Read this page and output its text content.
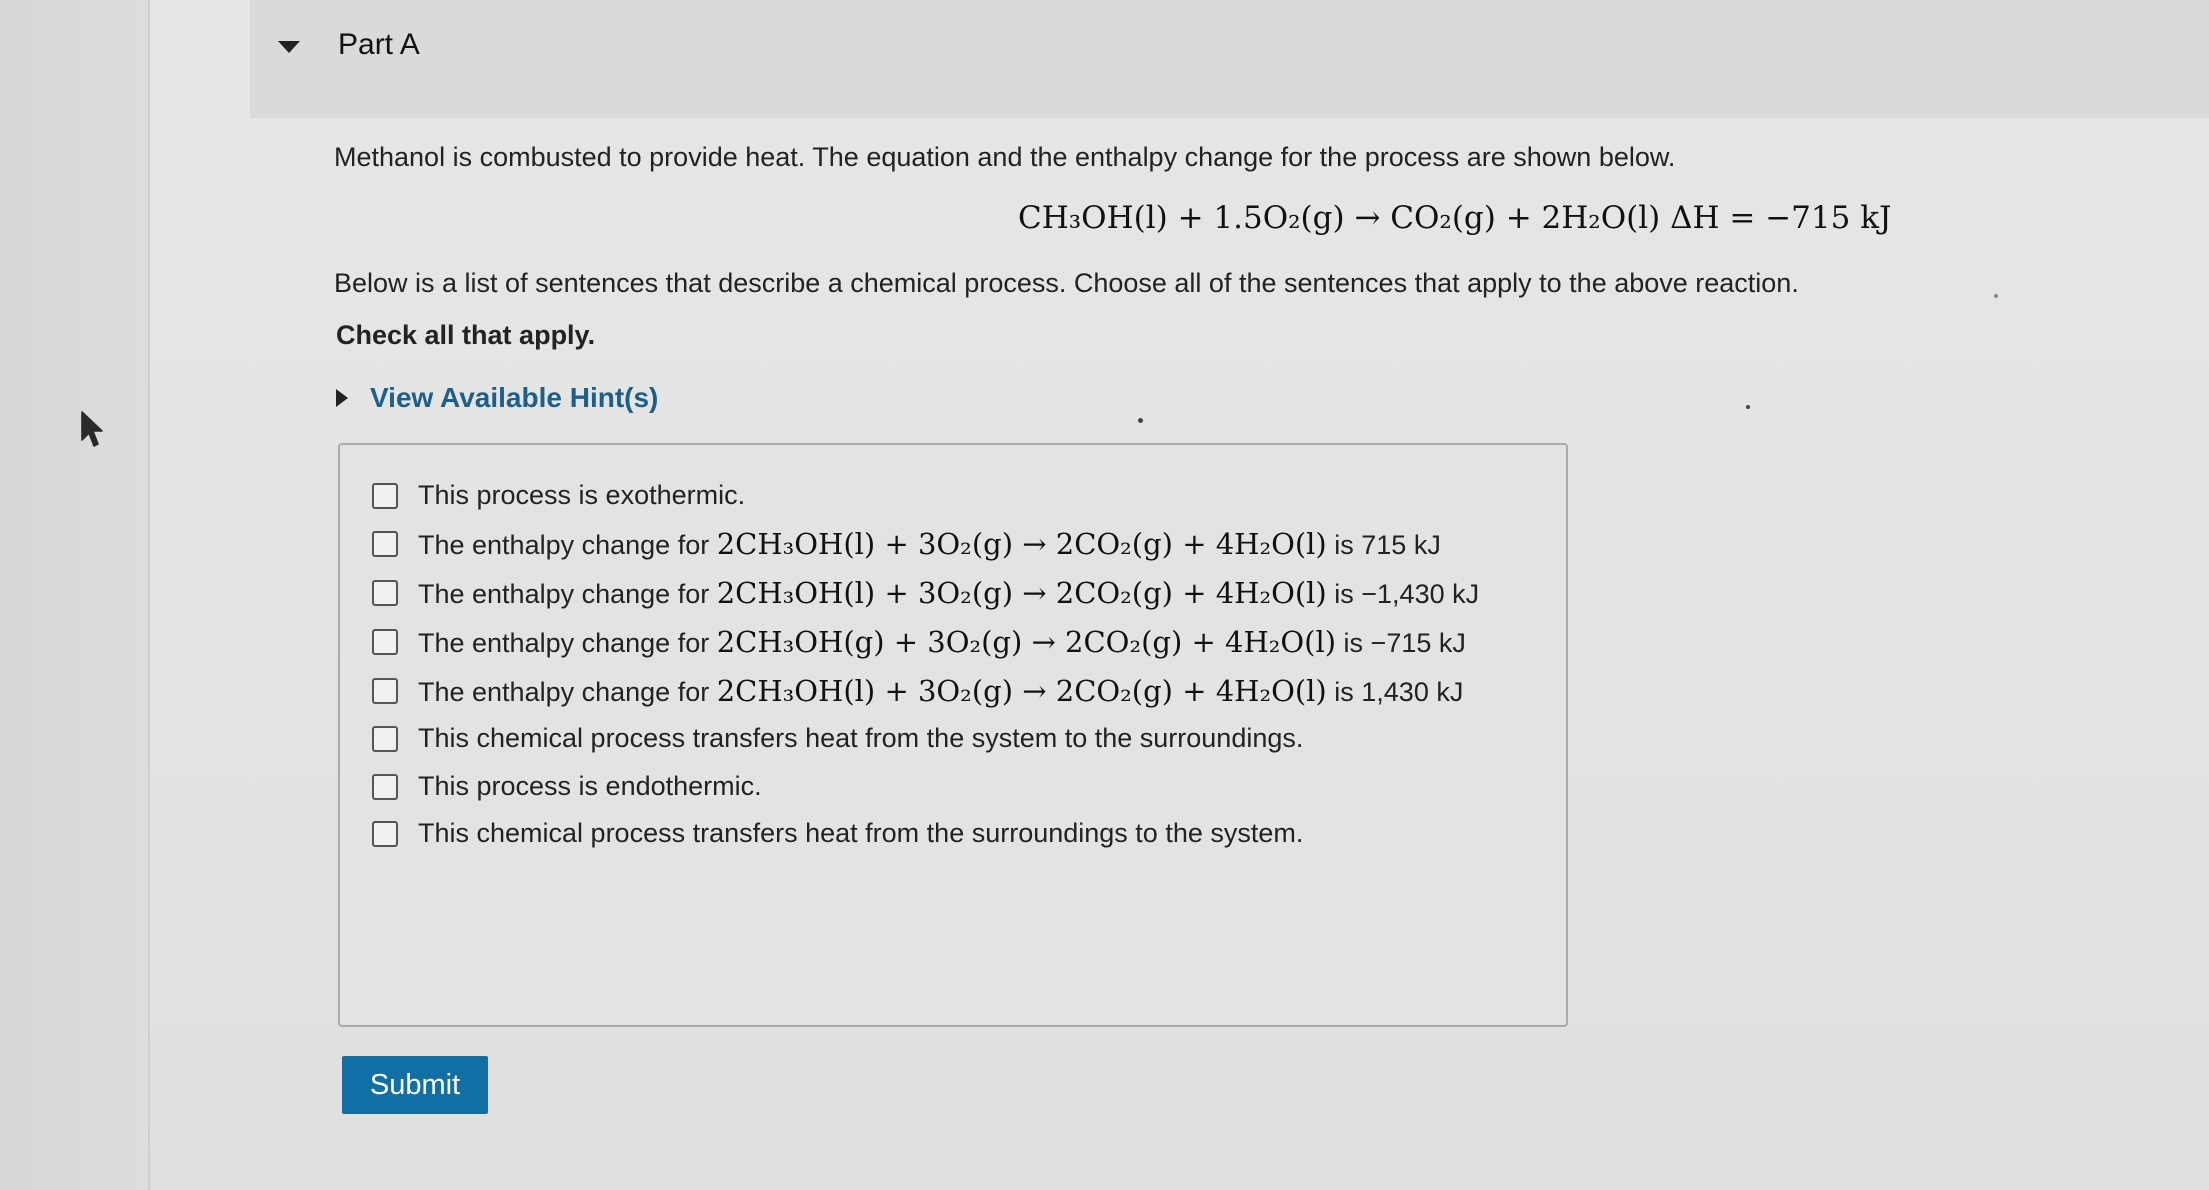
Part A
Methanol is combusted to provide heat. The equation and the enthalpy change for the process are shown below.
CH₃OH(l) + 1.5O₂(g) → CO₂(g) + 2H₂O(l) ΔH = −715 kJ
Below is a list of sentences that describe a chemical process. Choose all of the sentences that apply to the above reaction.
Check all that apply.
View Available Hint(s)
This process is exothermic.
The enthalpy change for 2CH₃OH(l) + 3O₂(g) → 2CO₂(g) + 4H₂O(l) is 715 kJ
The enthalpy change for 2CH₃OH(l) + 3O₂(g) → 2CO₂(g) + 4H₂O(l) is −1,430 kJ
The enthalpy change for 2CH₃OH(g) + 3O₂(g) → 2CO₂(g) + 4H₂O(l) is −715 kJ
The enthalpy change for 2CH₃OH(l) + 3O₂(g) → 2CO₂(g) + 4H₂O(l) is 1,430 kJ
This chemical process transfers heat from the system to the surroundings.
This process is endothermic.
This chemical process transfers heat from the surroundings to the system.
Submit
